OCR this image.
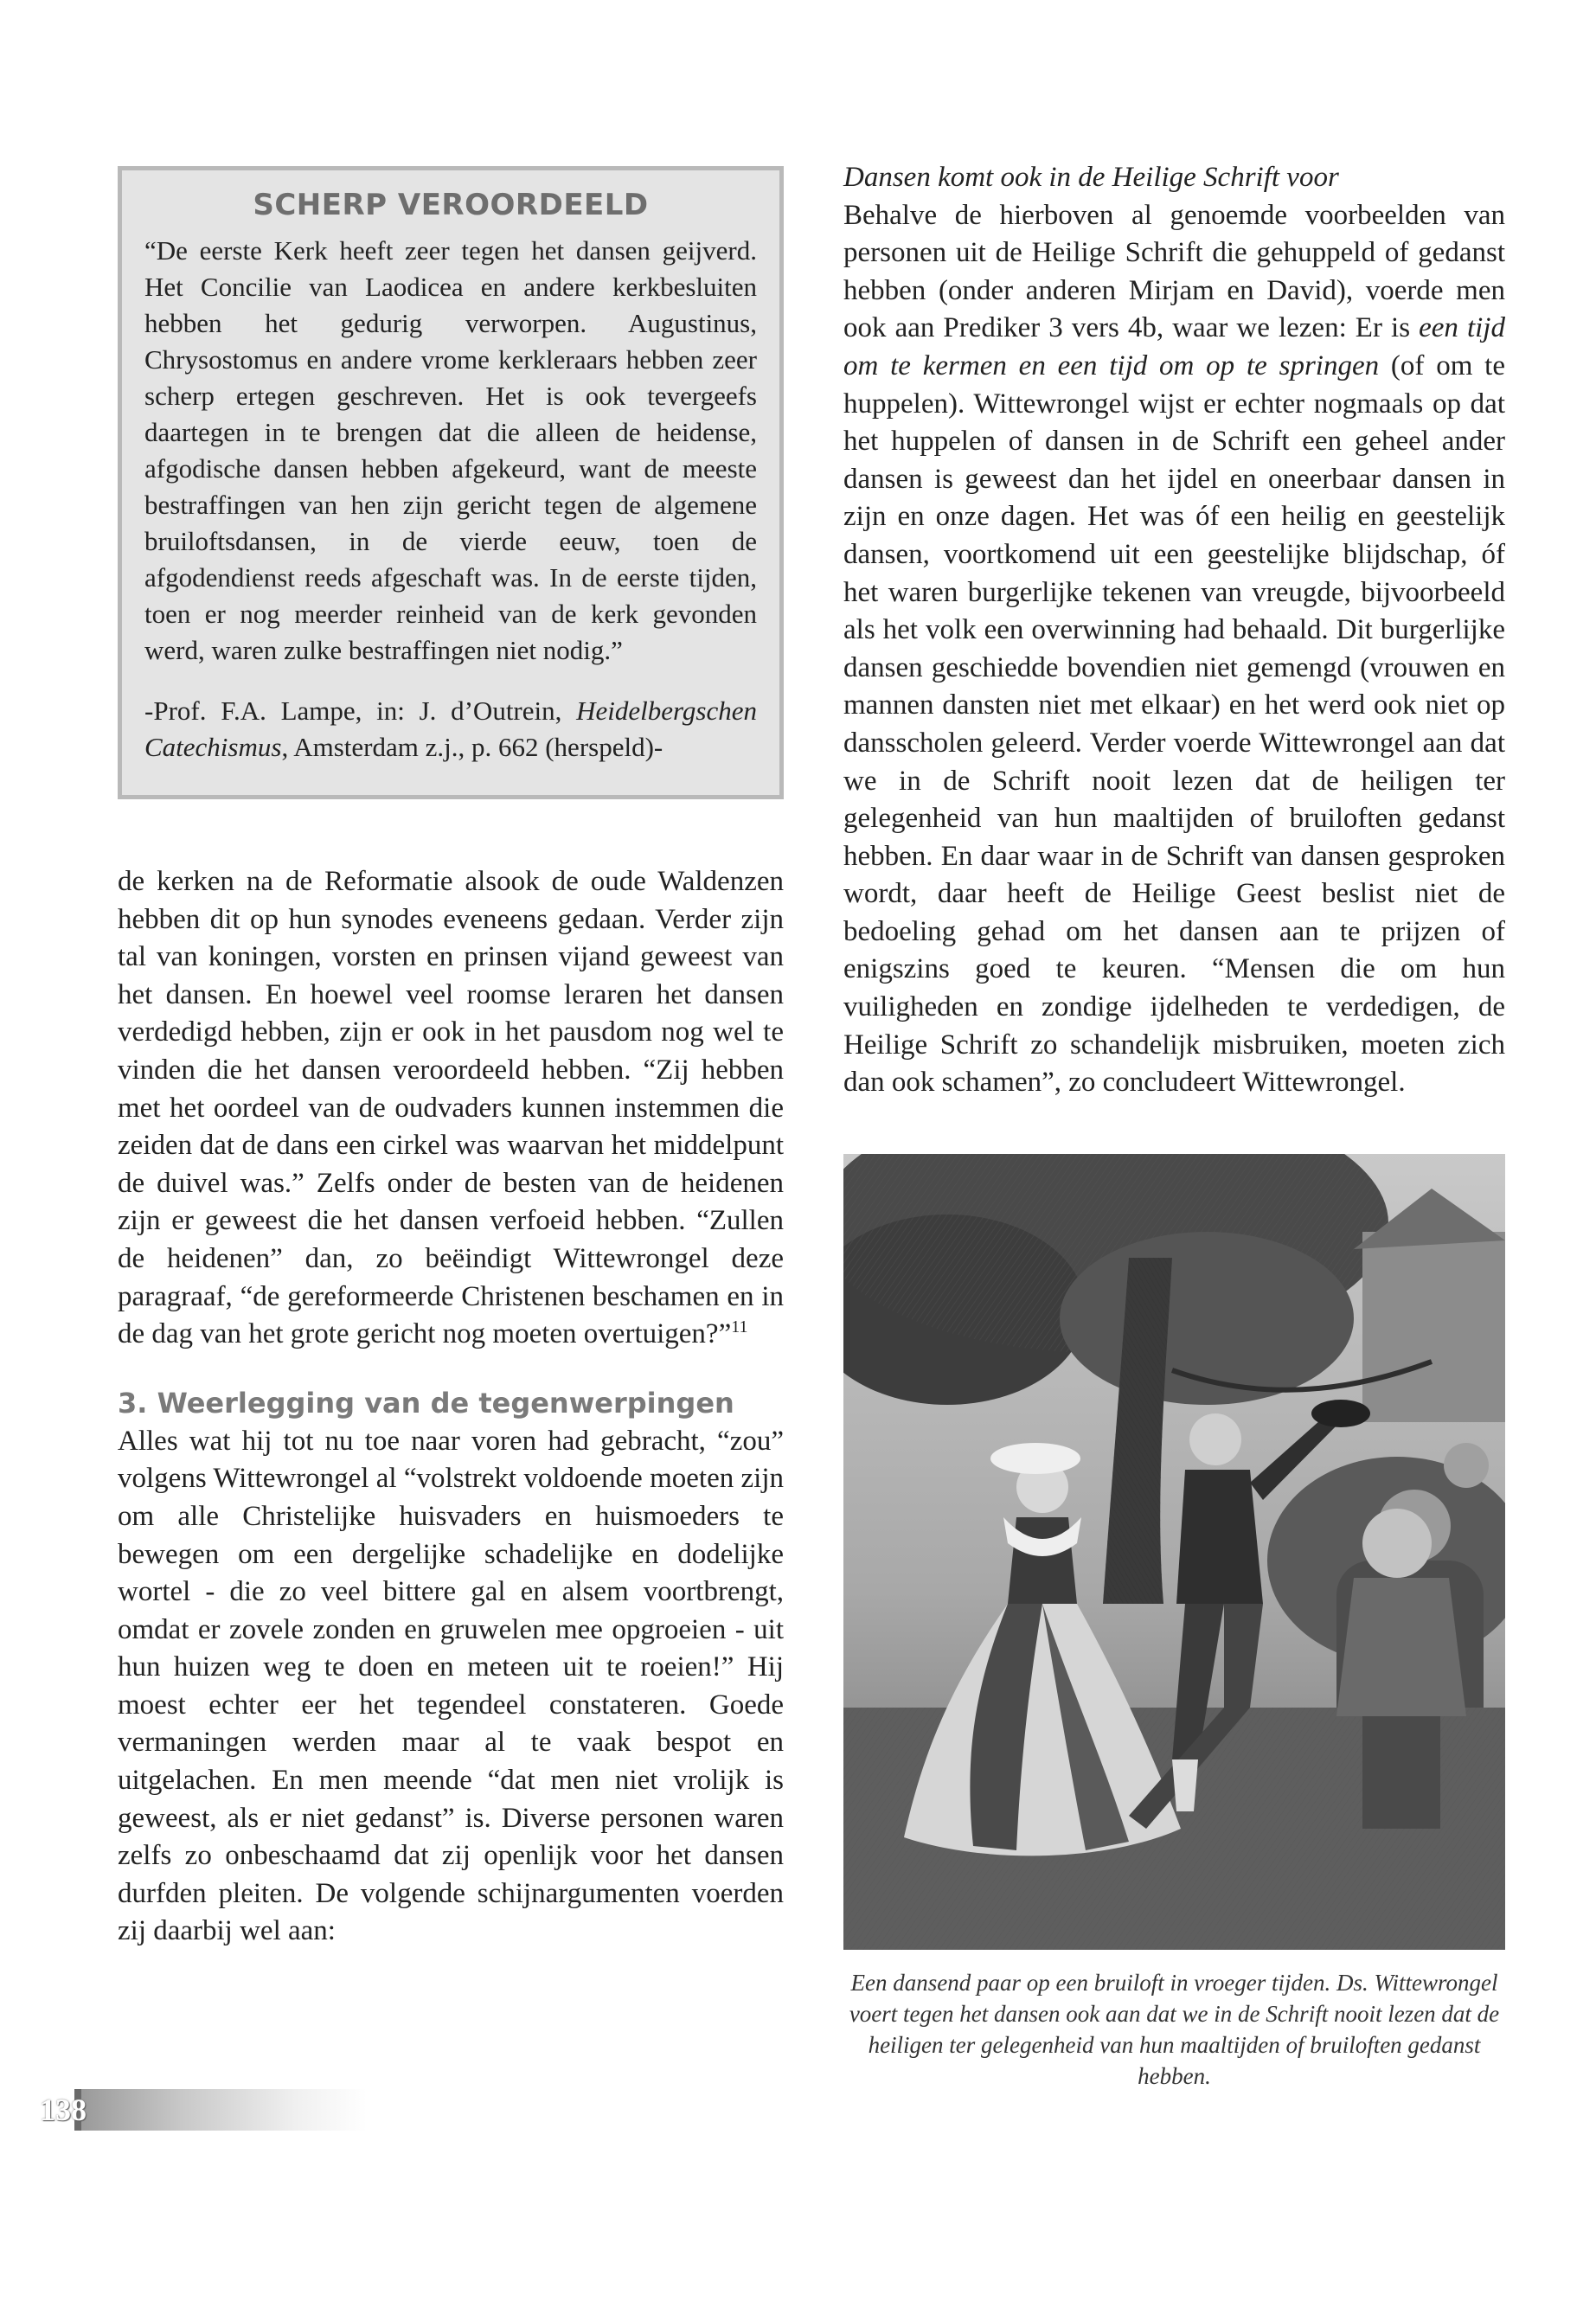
SCHERP VEROORDEELD

“De eerste Kerk heeft zeer tegen het dansen geijverd. Het Concilie van Laodicea en andere kerkbesluiten hebben het gedurig verworpen. Augustinus, Chrysostomus en andere vrome kerkleraars hebben zeer scherp ertegen geschreven. Het is ook tevergeefs daartegen in te brengen dat die alleen de heidense, afgodische dansen hebben afgekeurd, want de meeste bestraffingen van hen zijn gericht tegen de algemene bruiloftsdansen, in de vierde eeuw, toen de afgodendienst reeds afgeschaft was. In de eerste tijden, toen er nog meerder reinheid van de kerk gevonden werd, waren zulke bestraffingen niet nodig.”

-Prof. F.A. Lampe, in: J. d’Outrein, Heidelbergschen Catechismus, Amsterdam z.j., p. 662 (herspeld)-

de kerken na de Reformatie alsook de oude Waldenzen hebben dit op hun synodes eveneens gedaan. Verder zijn tal van koningen, vorsten en prinsen vijand geweest van het dansen. En hoewel veel roomse leraren het dansen verdedigd hebben, zijn er ook in het pausdom nog wel te vinden die het dansen veroordeeld hebben. “Zij hebben met het oordeel van de oudvaders kunnen instemmen die zeiden dat de dans een cirkel was waarvan het middelpunt de duivel was.” Zelfs onder de besten van de heidenen zijn er geweest die het dansen verfoeid hebben. “Zullen de heidenen” dan, zo beëindigt Wittewrongel deze paragraaf, “de gereformeerde Christenen beschamen en in de dag van het grote gericht nog moeten overtuigen?”$^{11}$

3. Weerlegging van de tegenwerpingen

Alles wat hij tot nu toe naar voren had gebracht, “zou” volgens Wittewrongel al “volstrekt voldoende moeten zijn om alle Christelijke huisvaders en huismoeders te bewegen om een dergelijke schadelijke en dodelijke wortel - die zo veel bittere gal en alsem voortbrengt, omdat er zovele zonden en gruwelen mee opgroeien - uit hun huizen weg te doen en meteen uit te roeien!” Hij moest echter eer het tegendeel constateren. Goede vermaningen werden maar al te vaak bespot en uitgelachen. En men meende “dat men niet vrolijk is geweest, als er niet gedanst” is. Diverse personen waren zelfs zo onbeschaamd dat zij openlijk voor het dansen durfden pleiten. De volgende schijnargumenten voerden zij daarbij wel aan:

Dansen komt ook in de Heilige Schrift voor

Behalve de hierboven al genoemde voorbeelden van personen uit de Heilige Schrift die gehuppeld of gedanst hebben (onder anderen Mirjam en David), voerde men ook aan Prediker 3 vers 4b, waar we lezen: Er is een tijd om te kermen en een tijd om op te springen (of om te huppelen). Wittewrongel wijst er echter nogmaals op dat het huppelen of dansen in de Schrift een geheel ander dansen is geweest dan het ijdel en oneerbaar dansen in zijn en onze dagen. Het was óf een heilig en geestelijk dansen, voortkomend uit een geestelijke blijdschap, óf het waren burgerlijke tekenen van vreugde, bijvoorbeeld als het volk een overwinning had behaald. Dit burgerlijke dansen geschiedde bovendien niet gemengd (vrouwen en mannen dansten niet met elkaar) en het werd ook niet op dansscholen geleerd. Verder voerde Wittewrongel aan dat we in de Schrift nooit lezen dat de heiligen ter gelegenheid van hun maaltijden of bruiloften gedanst hebben. En daar waar in de Schrift van dansen gesproken wordt, daar heeft de Heilige Geest beslist niet de bedoeling gehad om het dansen aan te prijzen of enigszins goed te keuren. “Mensen die om hun vuiligheden en zondige ijdelheden te verdedigen, de Heilige Schrift zo schandelijk misbruiken, moeten zich dan ook schamen”, zo concludeert Wittewrongel.

Een dansend paar op een bruiloft in vroeger tijden. Ds. Wittewrongel voert tegen het dansen ook aan dat we in de Schrift nooit lezen dat de heiligen ter gelegenheid van hun maaltijden of bruiloften gedanst hebben.

138
